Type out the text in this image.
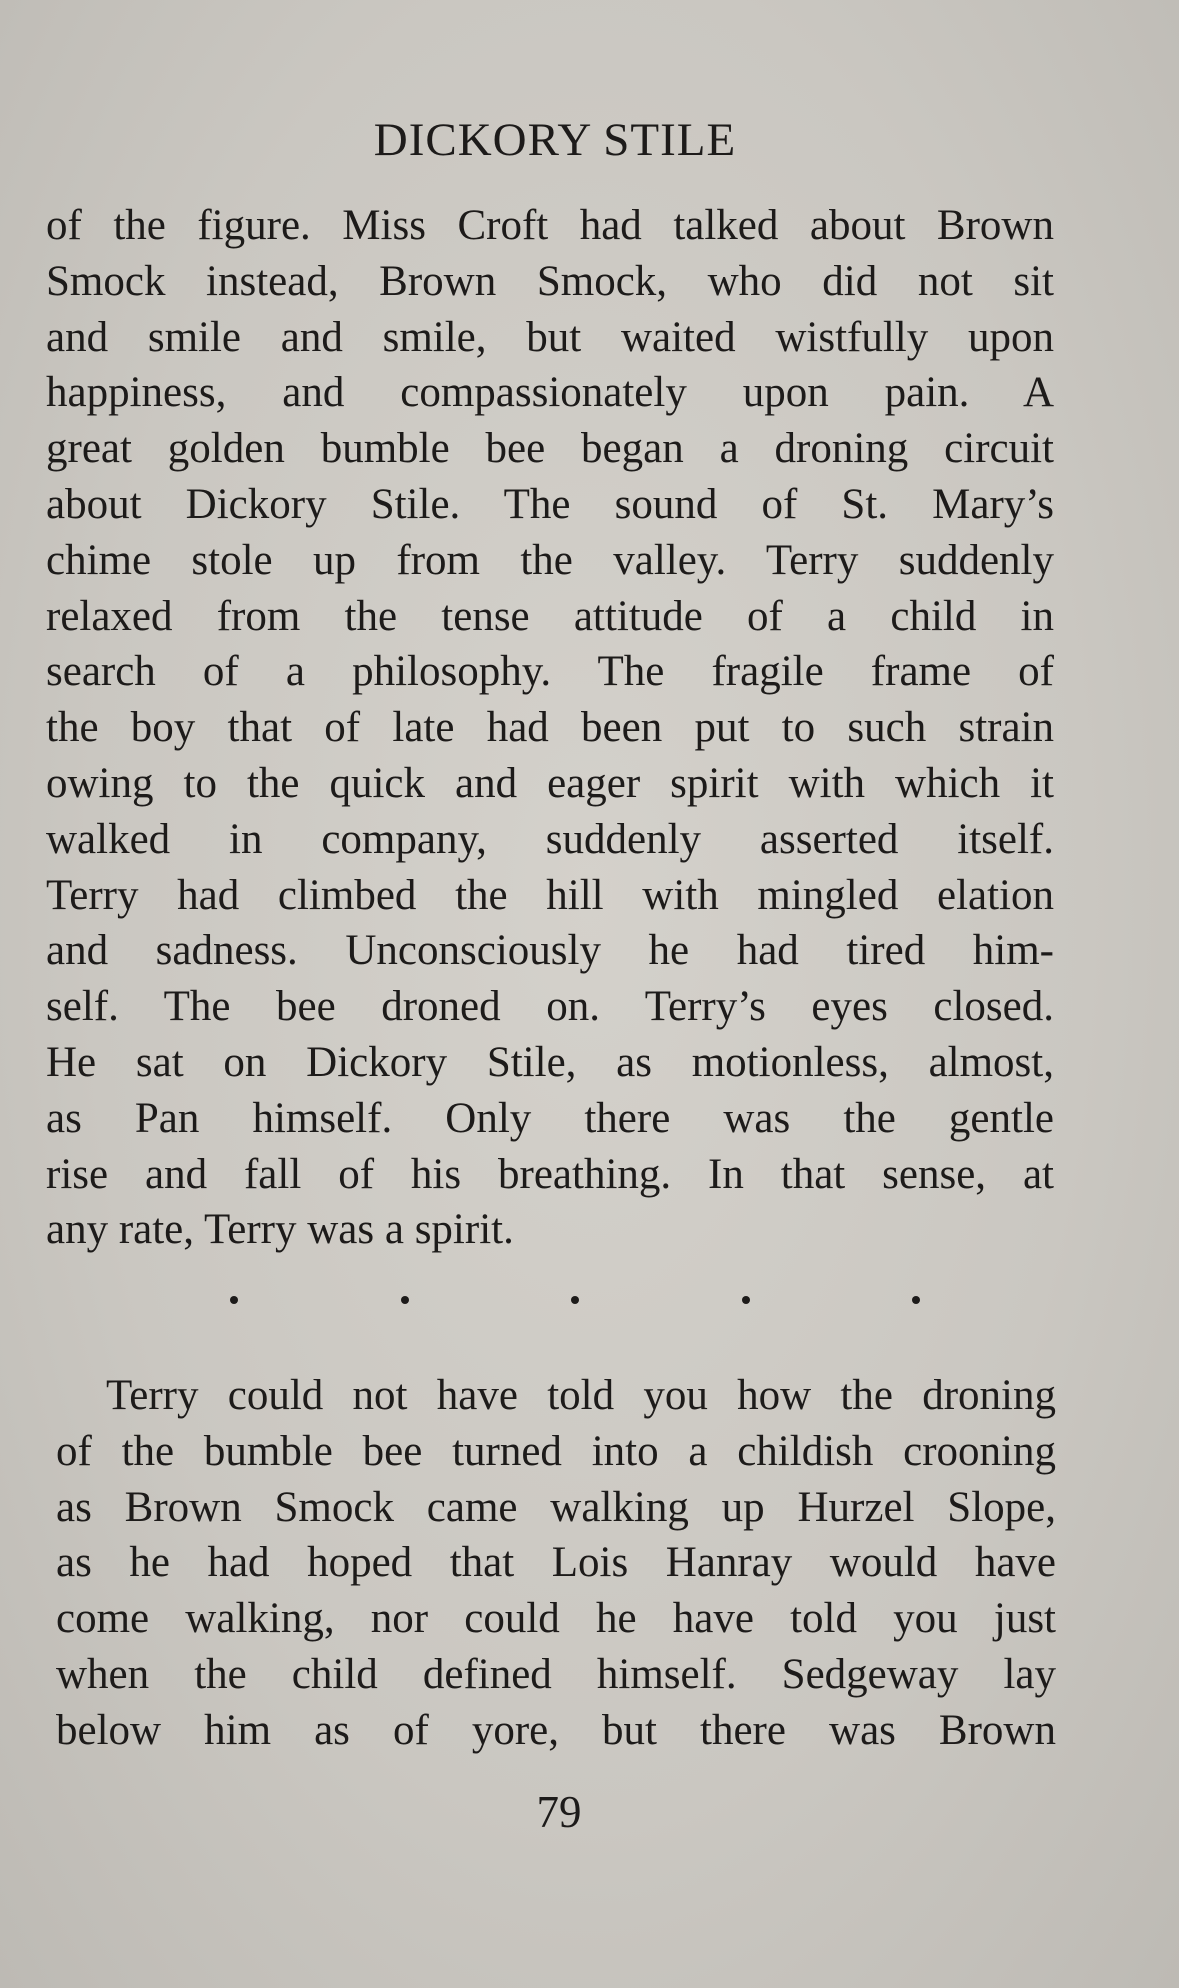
DICKORY STILE
of the figure. Miss Croft had talked about Brown
Smock instead, Brown Smock, who did not sit
and smile and smile, but waited wistfully upon
happiness, and compassionately upon pain. A
great golden bumble bee began a droning circuit
about Dickory Stile. The sound of St. Mary’s
chime stole up from the valley. Terry suddenly
relaxed from the tense attitude of a child in
search of a philosophy. The fragile frame of
the boy that of late had been put to such strain
owing to the quick and eager spirit with which it
walked in company, suddenly asserted itself.
Terry had climbed the hill with mingled elation
and sadness. Unconsciously he had tired him-
self. The bee droned on. Terry’s eyes closed.
He sat on Dickory Stile, as motionless, almost,
as Pan himself. Only there was the gentle
rise and fall of his breathing. In that sense, at
any rate, Terry was a spirit.
Terry could not have told you how the droning
of the bumble bee turned into a childish crooning
as Brown Smock came walking up Hurzel Slope,
as he had hoped that Lois Hanray would have
come walking, nor could he have told you just
when the child defined himself. Sedgeway lay
below him as of yore, but there was Brown
79
